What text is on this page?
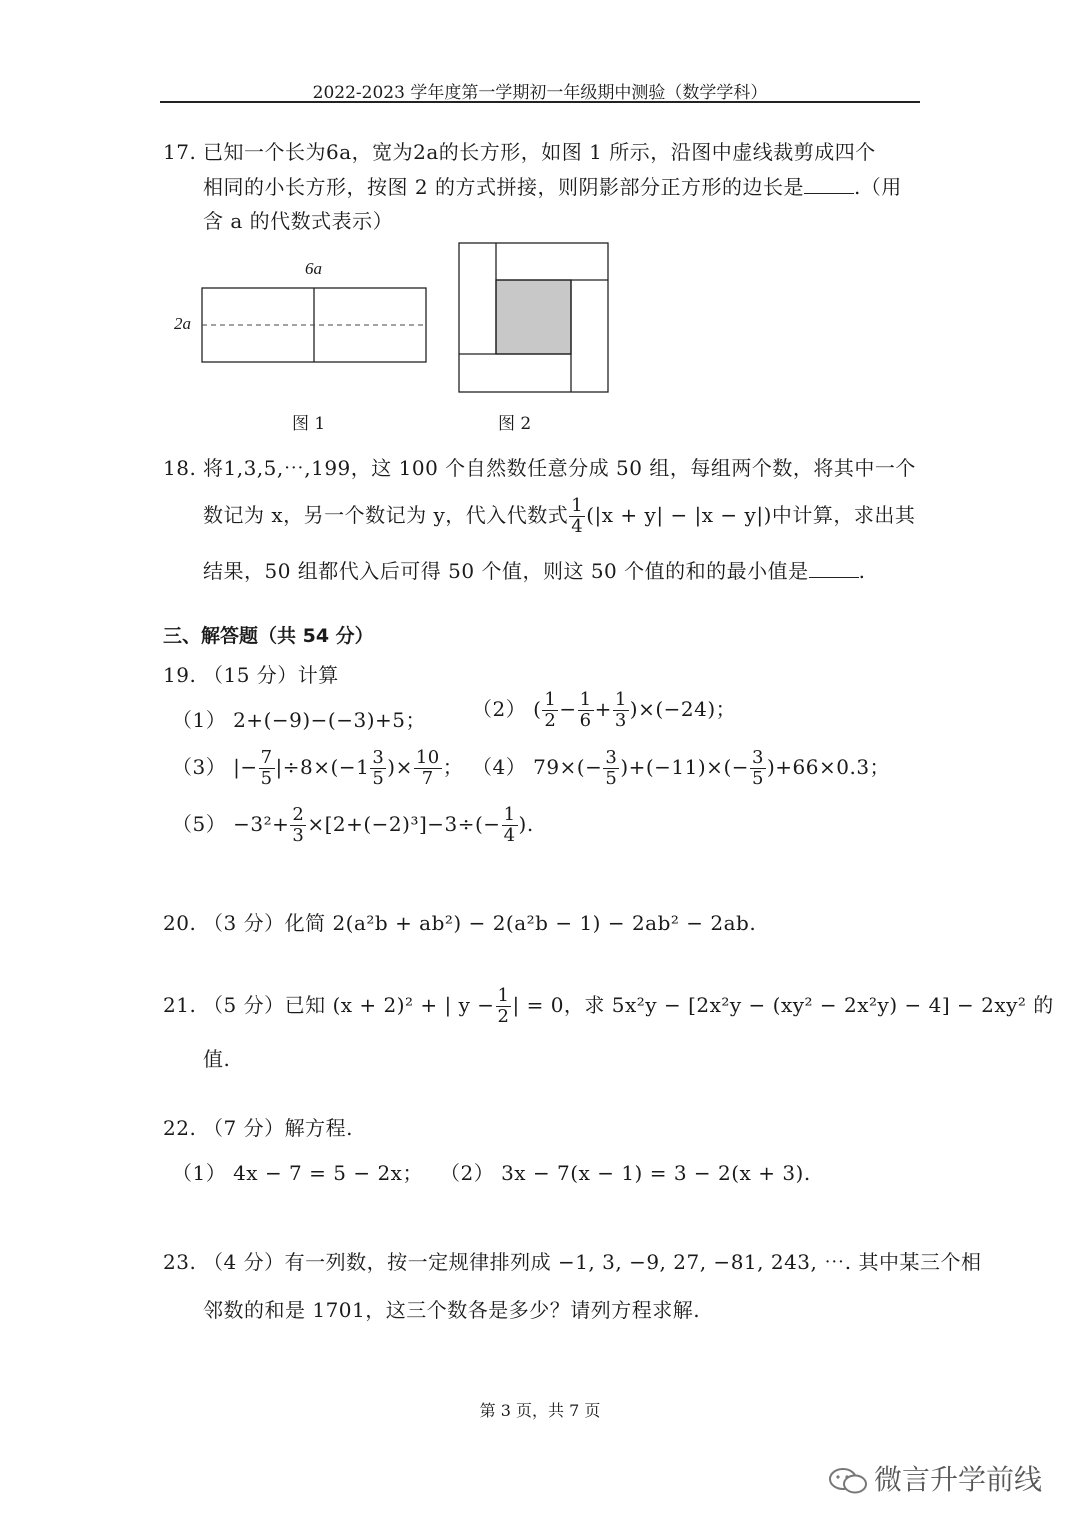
2022-2023 学年度第一学期初一年级期中测验（数学学科）
17. 已知一个长为6a，宽为2a的长方形，如图 1 所示，沿图中虚线裁剪成四个
相同的小长方形，按图 2 的方式拼接，则阴影部分正方形的边长是	.（用
含 a 的代数式表示）
6a
2a
图 1	图 2
18. 将1,3,5,⋯,199，这 100 个自然数任意分成 50 组，每组两个数，将其中一个
数记为 x，另一个数记为 y，代入代数式 $\frac{1}{4} (|x + y| - |x - y|)$中计算，求出其
结果，50 组都代入后可得 50 个值，则这 50 个值的和的最小值是	.
三、解答题（共 54 分）
19. （15 分）计算
（1） 2+(−9)−(−3)+5； （2） ( $\frac{1}{2} - \frac{1}{6} + \frac{1}{3} )\times(-24)$；
（3） |− $\frac{7}{5} |\div 8\times(-1 \frac{3}{5}$ )× $\frac{10}{7}$ ； （4） $79\times(- \frac{3}{5} )+(-11)\times(- \frac{3}{5} )+66\times 0.3$；
$(5) -3^2+ \frac{2}{3} \times[2+(-2)^3]-3\div(- \frac{1}{4}$ ).
20. （3 分）化简 2(a²b + ab²) − 2(a²b − 1) − 2ab² − 2ab.
21. （5 分）已知 (x + 2)² + | $y - \frac{1}{2}$ | = 0，求 5x²y − [2x²y − (xy² − 2x²y) − 4] − 2xy² 的
值.
22. （7 分）解方程.
（1） 4x − 7 = 5 − 2x； （2） 3x − 7(x − 1) = 3 − 2(x + 3).
23. （4 分）有一列数，按一定规律排列成 −1, 3, −9, 27, −81, 243, ⋯. 其中某三个相
邻数的和是 1701，这三个数各是多少？请列方程求解.
第 3 页，共 7 页
微言升学前线
